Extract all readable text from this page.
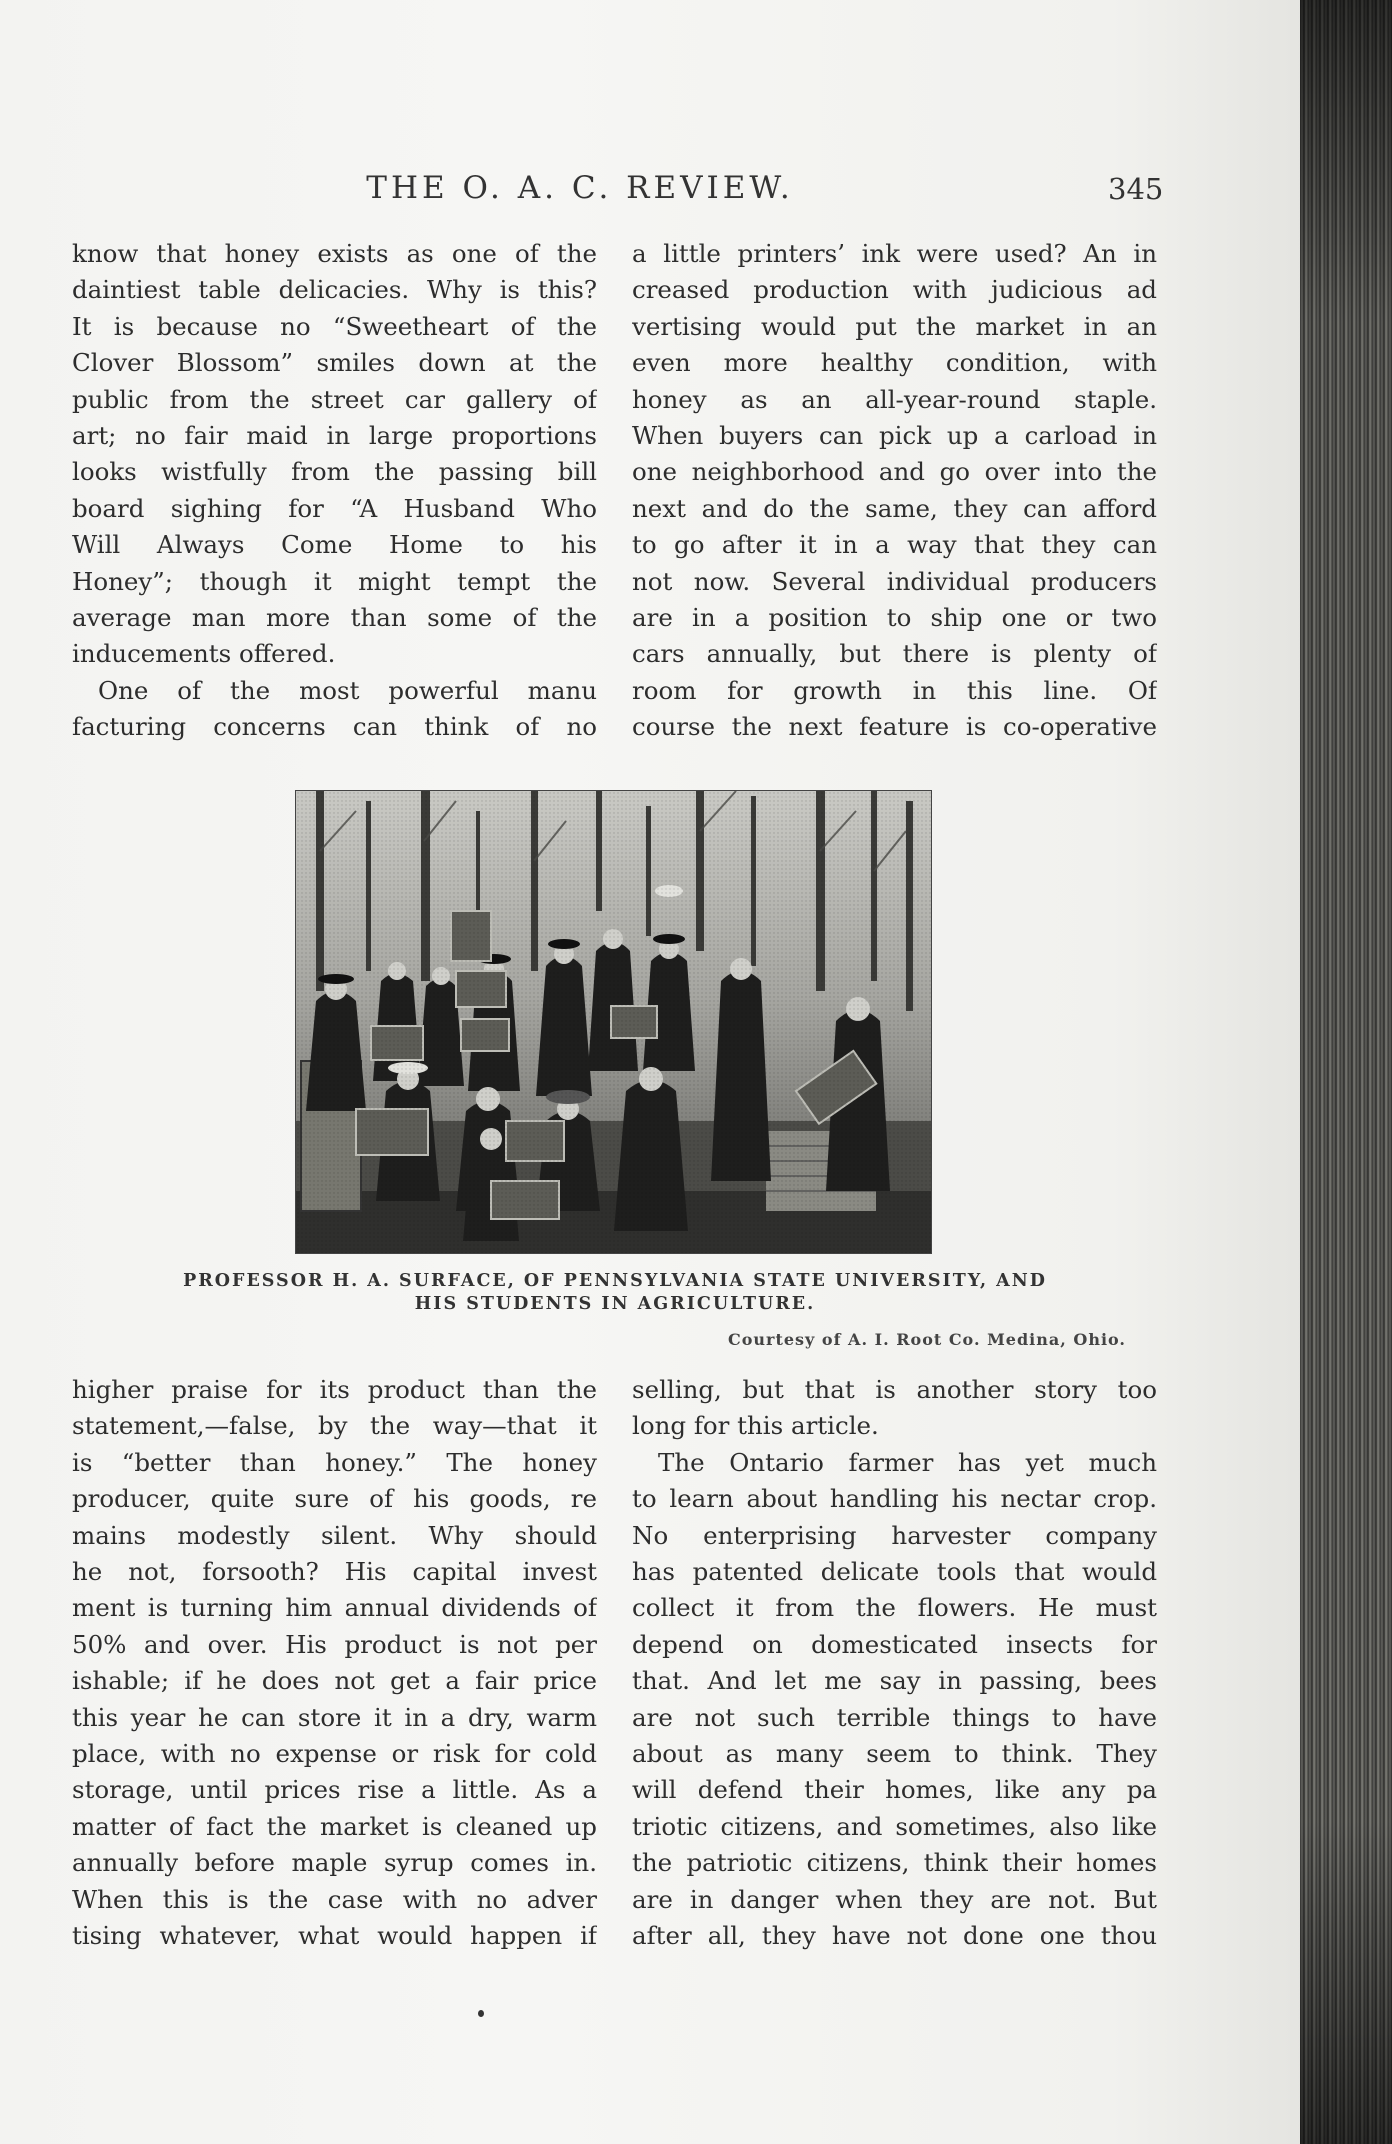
THE O. A. C. REVIEW.	345
know that honey exists as one of the
daintiest table delicacies. Why is this?
It is because no “Sweetheart of the
Clover Blossom” smiles down at the
public from the street car gallery of
art; no fair maid in large proportions
looks wistfully from the passing bill
board sighing for “A Husband Who
Will Always Come Home to his
Honey”; though it might tempt the
average man more than some of the
inducements offered.
One of the most powerful manu
facturing concerns can think of no
a little printers’ ink were used? An in
creased production with judicious ad
vertising would put the market in an
even more healthy condition, with
honey as an all-year-round staple.
When buyers can pick up a carload in
one neighborhood and go over into the
next and do the same, they can afford
to go after it in a way that they can
not now. Several individual producers
are in a position to ship one or two
cars annually, but there is plenty of
room for growth in this line. Of
course the next feature is co-operative
PROFESSOR H. A. SURFACE, OF PENNSYLVANIA STATE UNIVERSITY, AND
HIS STUDENTS IN AGRICULTURE.
Courtesy of A. I. Root Co. Medina, Ohio.
higher praise for its product than the
statement,—false, by the way—that it
is “better than honey.” The honey
producer, quite sure of his goods, re
mains modestly silent. Why should
he not, forsooth? His capital invest
ment is turning him annual dividends of
50% and over. His product is not per
ishable; if he does not get a fair price
this year he can store it in a dry, warm
place, with no expense or risk for cold
storage, until prices rise a little. As a
matter of fact the market is cleaned up
annually before maple syrup comes in.
When this is the case with no adver
tising whatever, what would happen if
selling, but that is another story too
long for this article.
The Ontario farmer has yet much
to learn about handling his nectar crop.
No enterprising harvester company
has patented delicate tools that would
collect it from the flowers. He must
depend on domesticated insects for
that. And let me say in passing, bees
are not such terrible things to have
about as many seem to think. They
will defend their homes, like any pa
triotic citizens, and sometimes, also like
the patriotic citizens, think their homes
are in danger when they are not. But
after all, they have not done one thou
